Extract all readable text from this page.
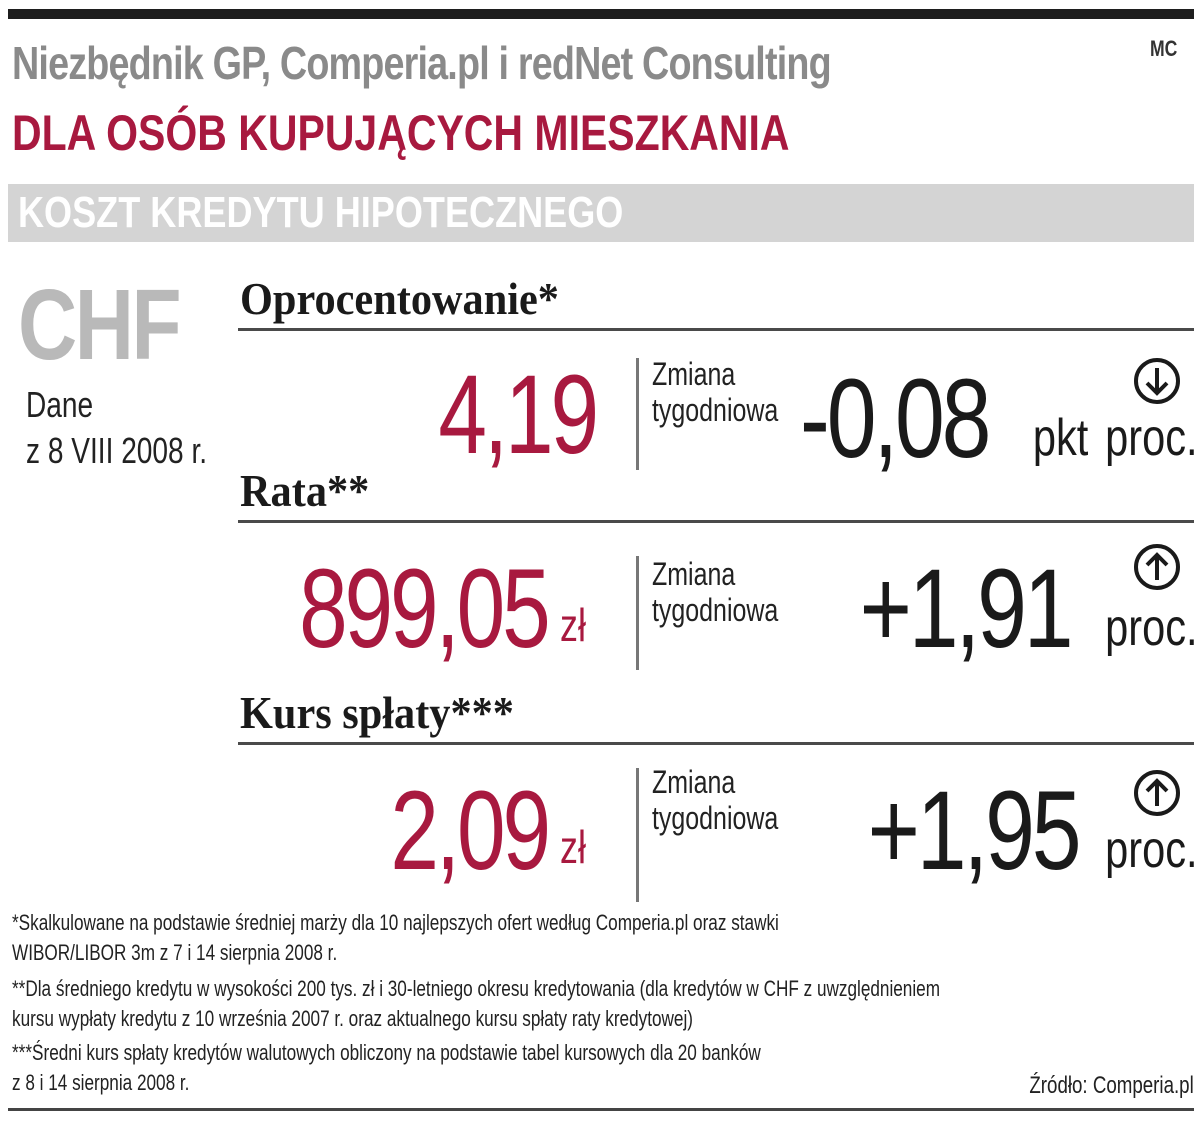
Niezbędnik GP, Comperia.pl i redNet Consulting	MC
DLA OSÓB KUPUJĄCYCH MIESZKANIA
KOSZT KREDYTU HIPOTECZNEGO
CHF
Dane
z 8 VIII 2008 r.
Oprocentowanie*
4,19 Zmiana
tygodniowa -0,08 pkt proc.
Rata**
899,05 zł
Zmiana
tygodniowa +1,91 proc.
Kurs spłaty***
2,09 zł
Zmiana
tygodniowa +1,95 proc.
*Skalkulowane na podstawie średniej marży dla 10 najlepszych ofert według Comperia.pl oraz stawki
WIBOR/LIBOR 3m z 7 i 14 sierpnia 2008 r.
**Dla średniego kredytu w wysokości 200 tys. zł i 30-letniego okresu kredytowania (dla kredytów w CHF z uwzględnieniem
kursu wypłaty kredytu z 10 września 2007 r. oraz aktualnego kursu spłaty raty kredytowej)
***Średni kurs spłaty kredytów walutowych obliczony na podstawie tabel kursowych dla 20 banków
z 8 i 14 sierpnia 2008 r.	Źródło: Comperia.pl
